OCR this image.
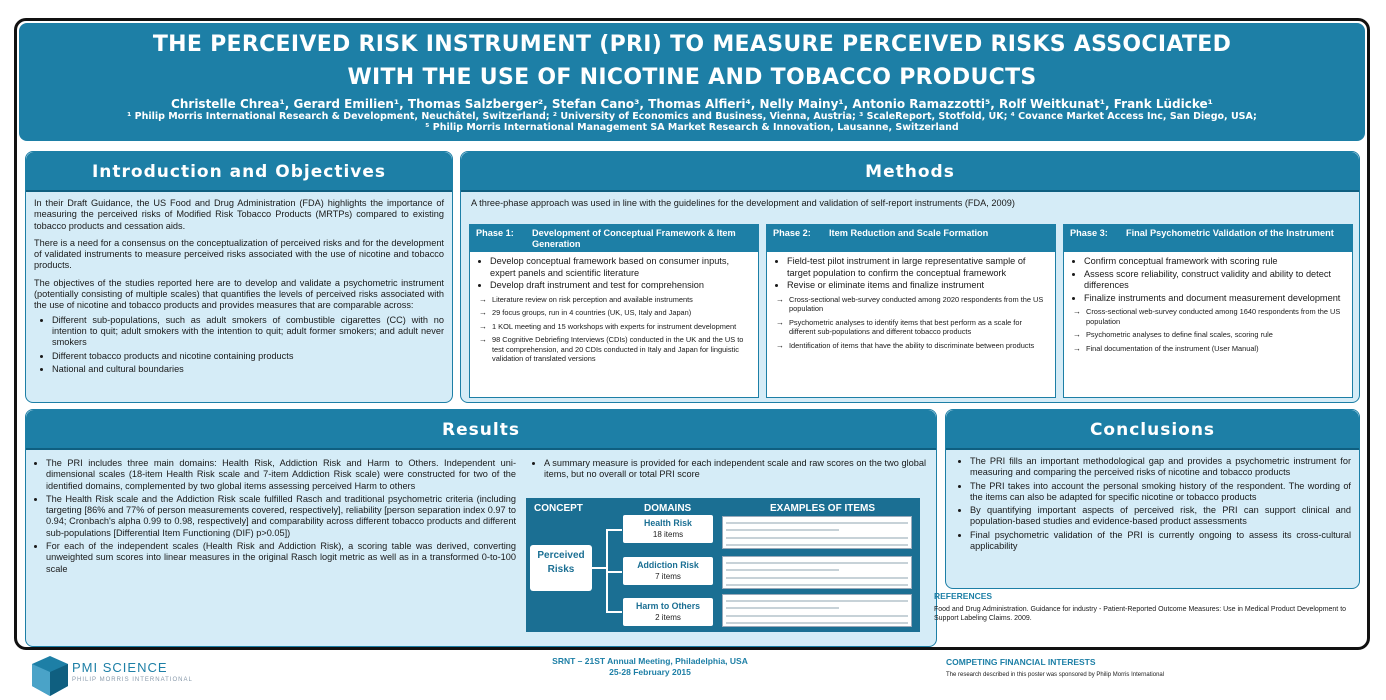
THE PERCEIVED RISK INSTRUMENT (PRI) TO MEASURE PERCEIVED RISKS ASSOCIATED
WITH THE USE OF NICOTINE AND TOBACCO PRODUCTS
Christelle Chrea¹, Gerard Emilien¹, Thomas Salzberger², Stefan Cano³, Thomas Alfieri⁴, Nelly Mainy¹, Antonio Ramazzotti⁵, Rolf Weitkunat¹, Frank Lüdicke¹
¹ Philip Morris International Research & Development, Neuchâtel, Switzerland; ² University of Economics and Business, Vienna, Austria; ³ ScaleReport, Stotfold, UK; ⁴ Covance Market Access Inc, San Diego, USA;
⁵ Philip Morris International Management SA Market Research & Innovation, Lausanne, Switzerland
Introduction and Objectives

In their Draft Guidance, the US Food and Drug Administration (FDA) highlights the importance of measuring the perceived risks of Modified Risk Tobacco Products (MRTPs) compared to existing tobacco products and cessation aids.

There is a need for a consensus on the conceptualization of perceived risks and for the development of validated instruments to measure perceived risks associated with the use of nicotine and tobacco products.

The objectives of the studies reported here are to develop and validate a psychometric instrument (potentially consisting of multiple scales) that quantifies the levels of perceived risks associated with the use of nicotine and tobacco products and provides measures that are comparable across:

• Different sub-populations, such as adult smokers of combustible cigarettes (CC) with no intention to quit; adult smokers with the intention to quit; adult former smokers; and adult never smokers
• Different tobacco products and nicotine containing products
• National and cultural boundaries
Methods
A three-phase approach was used in line with the guidelines for the development and validation of self-report instruments (FDA, 2009)
Phase 1:	Development of Conceptual Framework & Item Generation
• Develop conceptual framework based on consumer inputs, expert panels and scientific literature
• Develop draft instrument and test for comprehension
→ Literature review on risk perception and available instruments
→ 29 focus groups, run in 4 countries (UK, US, Italy and Japan)
→ 1 KOL meeting and 15 workshops with experts for instrument development
→ 98 Cognitive Debriefing Interviews (CDIs) conducted in the UK and the US to test comprehension, and 20 CDIs conducted in Italy and Japan for linguistic validation of translated versions
Phase 2:	Item Reduction and Scale Formation
• Field-test pilot instrument in large representative sample of target population to confirm the conceptual framework
• Revise or eliminate items and finalize instrument
→ Cross-sectional web-survey conducted among 2020 respondents from the US population
→ Psychometric analyses to identify items that best perform as a scale for different sub-populations and different tobacco products
→ Identification of items that have the ability to discriminate between products
Phase 3:	Final Psychometric Validation of the Instrument
• Confirm conceptual framework with scoring rule
• Assess score reliability, construct validity and ability to detect differences
• Finalize instruments and document measurement development
→ Cross-sectional web-survey conducted among 1640 respondents from the US population
→ Psychometric analyses to define final scales, scoring rule
→ Final documentation of the instrument (User Manual)
Results
• The PRI includes three main domains: Health Risk, Addiction Risk and Harm to Others. Independent uni-dimensional scales (18-item Health Risk scale and 7-item Addiction Risk scale) were constructed for two of the identified domains, complemented by two global items assessing perceived Harm to others
• The Health Risk scale and the Addiction Risk scale fulfilled Rasch and traditional psychometric criteria (including targeting [86% and 77% of person measurements covered, respectively], reliability [person separation index 0.97 to 0.94; Cronbach's alpha 0.99 to 0.98, respectively] and comparability across different tobacco products and different sub-populations [Differential Item Functioning (DIF) p>0.05])
• For each of the independent scales (Health Risk and Addiction Risk), a scoring table was derived, converting unweighted sum scores into linear measures in the original Rasch logit metric as well as in a transformed 0-to-100 scale
• A summary measure is provided for each independent scale and raw scores on the two global items, but no overall or total PRI score
CONCEPT	DOMAINS	EXAMPLES OF ITEMS
Perceived Risks
Health Risk
18 items
Addiction Risk
7 items
Harm to Others
2 items
Conclusions
• The PRI fills an important methodological gap and provides a psychometric instrument for measuring and comparing the perceived risks of nicotine and tobacco products
• The PRI takes into account the personal smoking history of the respondent. The wording of the items can also be adapted for specific nicotine or tobacco products
• By quantifying important aspects of perceived risk, the PRI can support clinical and population-based studies and evidence-based product assessments
• Final psychometric validation of the PRI is currently ongoing to assess its cross-cultural applicability
REFERENCES
Food and Drug Administration. Guidance for industry - Patient-Reported Outcome Measures: Use in Medical Product Development to Support Labeling Claims. 2009.
SRNT – 21ST Annual Meeting, Philadelphia, USA
25-28 February 2015
COMPETING FINANCIAL INTERESTS
The research described in this poster was sponsored by Philip Morris International
PMI SCIENCE
PHILIP MORRIS INTERNATIONAL
